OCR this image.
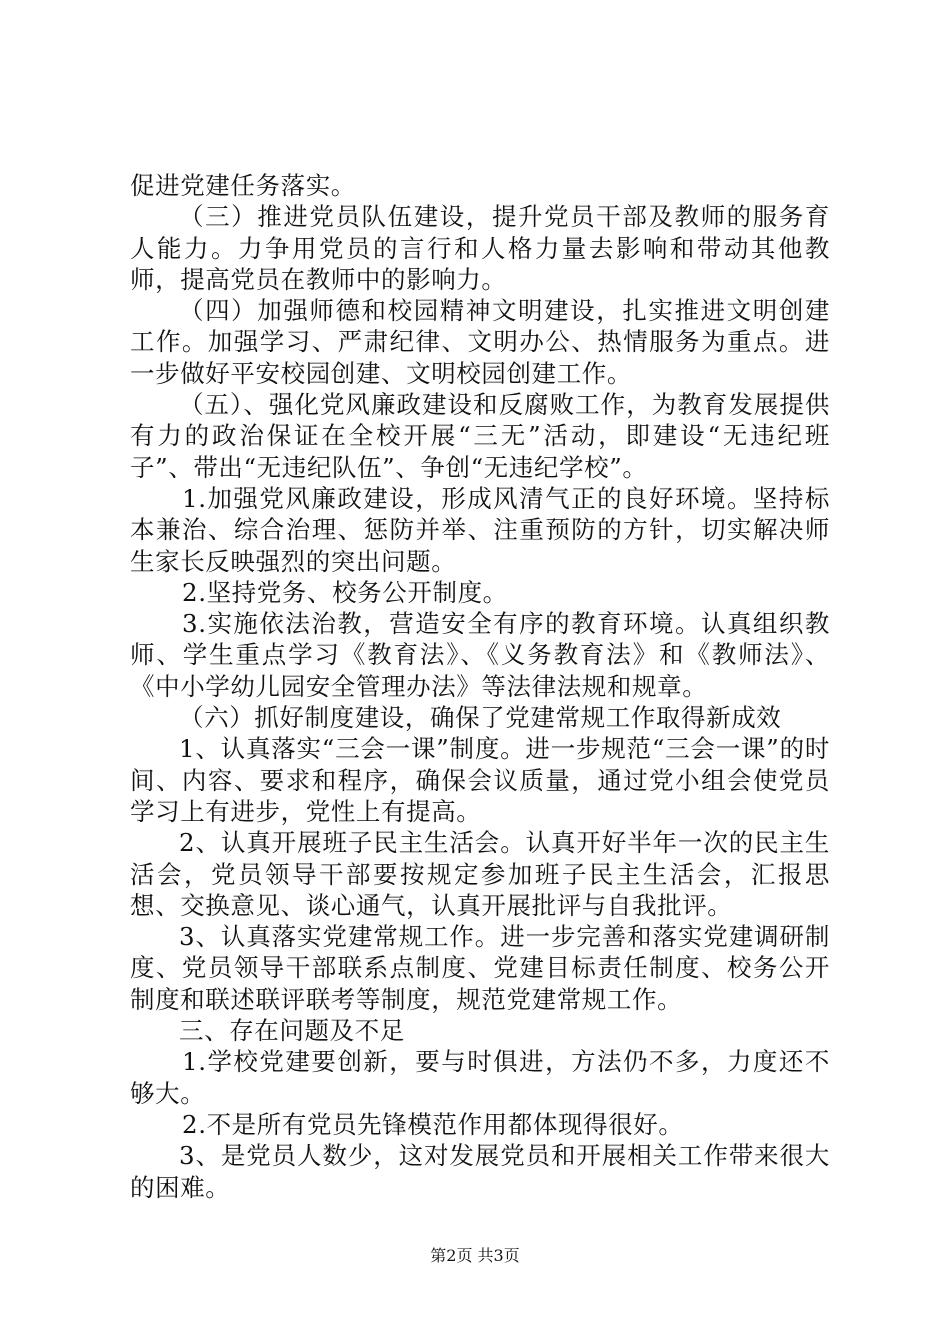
促进党建任务落实。

（三）推进党员队伍建设，提升党员干部及教师的服务育人能力。力争用党员的言行和人格力量去影响和带动其他教师，提高党员在教师中的影响力。

（四）加强师德和校园精神文明建设，扎实推进文明创建工作。加强学习、严肃纪律、文明办公、热情服务为重点。进一步做好平安校园创建、文明校园创建工作。

（五）、强化党风廉政建设和反腐败工作，为教育发展提供有力的政治保证在全校开展“三无”活动，即建设“无违纪班子”、带出“无违纪队伍”、争创“无违纪学校”。

1.加强党风廉政建设，形成风清气正的良好环境。坚持标本兼治、综合治理、惩防并举、注重预防的方针，切实解决师生家长反映强烈的突出问题。

2.坚持党务、校务公开制度。

3.实施依法治教，营造安全有序的教育环境。认真组织教师、学生重点学习《教育法》、《义务教育法》和《教师法》、《中小学幼儿园安全管理办法》等法律法规和规章。

（六）抓好制度建设，确保了党建常规工作取得新成效

1、认真落实“三会一课”制度。进一步规范“三会一课”的时间、内容、要求和程序，确保会议质量，通过党小组会使党员学习上有进步，党性上有提高。

2、认真开展班子民主生活会。认真开好半年一次的民主生活会，党员领导干部要按规定参加班子民主生活会，汇报思想、交换意见、谈心通气，认真开展批评与自我批评。

3、认真落实党建常规工作。进一步完善和落实党建调研制度、党员领导干部联系点制度、党建目标责任制度、校务公开制度和联述联评联考等制度，规范党建常规工作。

三、存在问题及不足

1.学校党建要创新，要与时俱进，方法仍不多，力度还不够大。

2.不是所有党员先锋模范作用都体现得很好。

3、是党员人数少，这对发展党员和开展相关工作带来很大的困难。

第2页 共3页
